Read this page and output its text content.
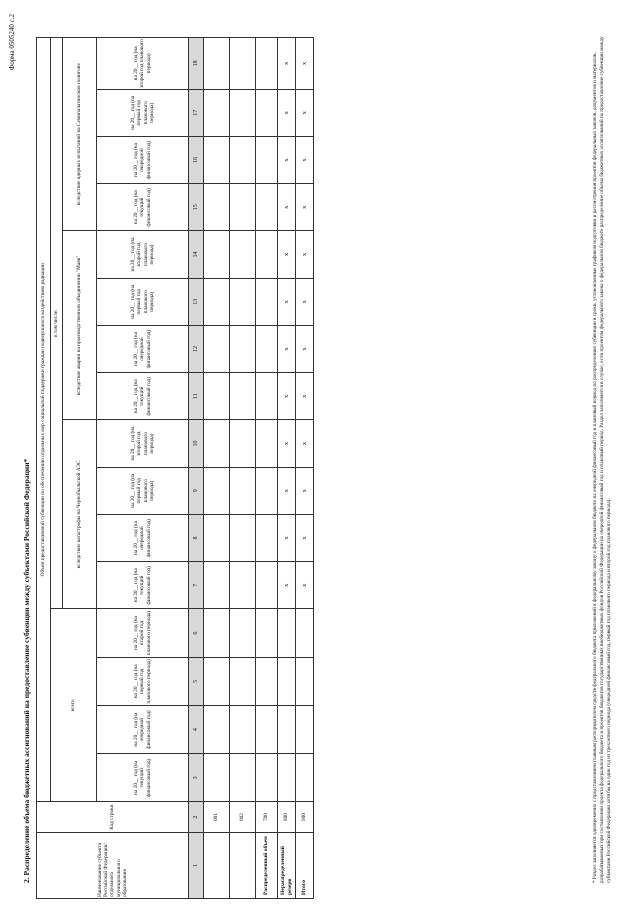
Форма 0505240 с.2
2. Распределение объема бюджетных ассигнований на предоставление субвенции между субъектами Российской Федерации*	Наименование субъекта Российской Федерации/ отдельного муниципального образования	Код строки	Объем предоставляемой субвенции по обеспечению отдельных мер социальной поддержки граждан подвергшихся воздействию радиации															
		всего				в том числе:											
						вследствие катастрофы на Чернобыльской АЭС				вследствие аварии на производственном объединении "Маяк"				вследствие ядерных испытаний на Семипалатинском полигоне			
		на 20__ год (на текущий финансовый год)	на 20__ год (на очередной финансовый год)	на 20__ год (на первый год планового периода)	на 20__ год (на второй год планового периода)	на 20__ год (на текущий финансовый год)	на 20__ год (на очередной финансовый год)	на 20__ год (на первый год планового периода)	на 20__ год (на второй год планового периода)	на 20__ год (на текущий финансовый год)	на 20__ год (на очередной финансовый год)	на 20__ год (на первый год планового периода)	на 20__ год (на второй год планового периода)	на 20__ год (на текущий финансовый год)	на 20__ год (на очередной финансовый год)	на 20__ год (на первый год планового периода)	на 20__ год (на второй год планового периода)
1	2	3	4	5	6	7	8	9	10	11	12	13	14	15	16	17	18
	001																
	002																
Распределенный объем	700																
Нераспределенный резерв	800					x	x	x	x	x	x	x	x	x	x	x	x
Итого	900					x	x	x	x	x	x	x	x	x	x	x	x	* Раздел заполняется одновременно с представлением главным распорядителем средств федерального бюджета приложений к федеральному закону о федеральном бюджете на очередной финансовый год и плановый период по распределению субвенции в сроки, установленные графиком подготовки и рассмотрения проектов федеральных законов, документов и материалов, разрабатываемых при составлении проекта федерального бюджета и проектов бюджетов государственных внебюджетных фондов Российской Федерации на очередной финансовый год и плановый период. Раздел заполняется в случае, если проектом федерального закона о федеральном бюджете распределение объема бюджетных ассигнований на предоставление субвенции между субъектами Российской Федерации хотя бы на один год из трехлетнего периода (очередной финансовый год, первый год планового периода и второй год планового периода).
